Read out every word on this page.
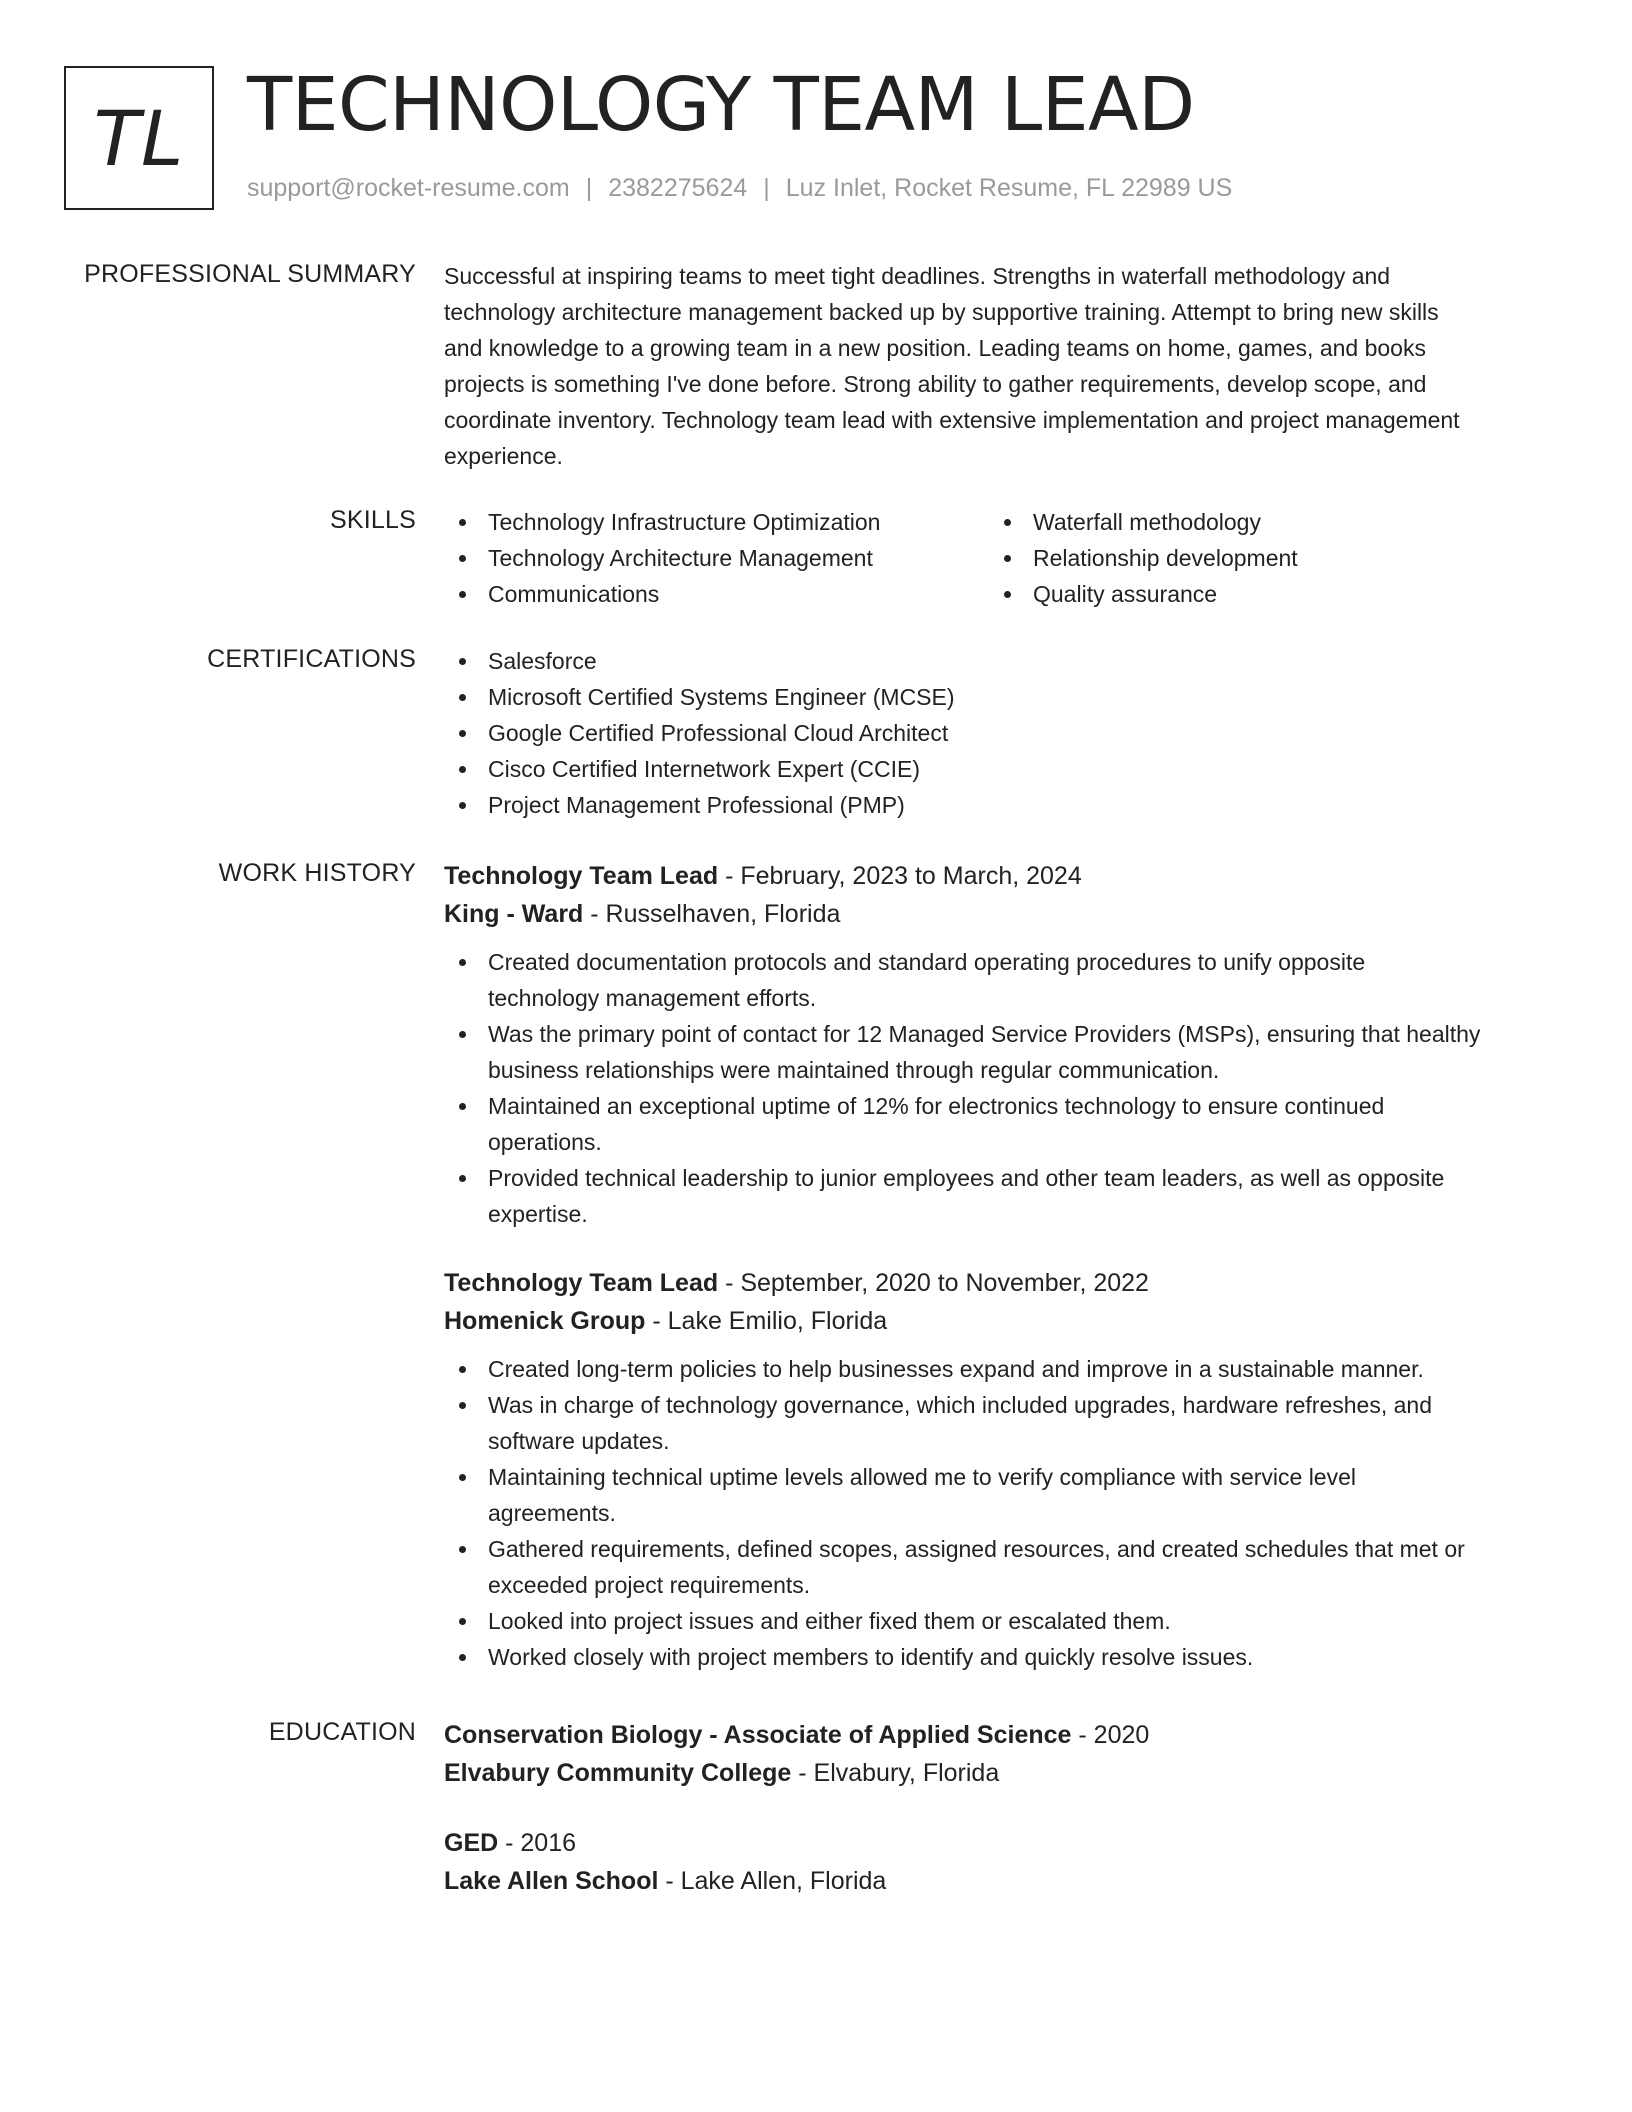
TL TECHNOLOGY TEAM LEAD
support@rocket-resume.com | 2382275624 | Luz Inlet, Rocket Resume, FL 22989 US
PROFESSIONAL SUMMARY Successful at inspiring teams to meet tight deadlines. Strengths in waterfall methodology and
technology architecture management backed up by supportive training. Attempt to bring new skills
and knowledge to a growing team in a new position. Leading teams on home, games, and books
projects is something I've done before. Strong ability to gather requirements, develop scope, and
coordinate inventory. Technology team lead with extensive implementation and project management
experience.
SKILLS	Technology Infrastructure Optimization
Technology Architecture Management
Communications
Waterfall methodology
Relationship development
Quality assurance
CERTIFICATIONS	Salesforce
Microsoft Certified Systems Engineer (MCSE)
Google Certified Professional Cloud Architect
Cisco Certified Internetwork Expert (CCIE)
Project Management Professional (PMP)
WORK HISTORY Technology Team Lead - February, 2023 to March, 2024
King - Ward - Russelhaven, Florida
Created documentation protocols and standard operating procedures to unify opposite
technology management efforts.
Was the primary point of contact for 12 Managed Service Providers (MSPs), ensuring that healthy
business relationships were maintained through regular communication.
Maintained an exceptional uptime of 12% for electronics technology to ensure continued
operations.
Provided technical leadership to junior employees and other team leaders, as well as opposite
expertise.
Technology Team Lead - September, 2020 to November, 2022
Homenick Group - Lake Emilio, Florida
Created long-term policies to help businesses expand and improve in a sustainable manner.
Was in charge of technology governance, which included upgrades, hardware refreshes, and
software updates.
Maintaining technical uptime levels allowed me to verify compliance with service level
agreements.
Gathered requirements, defined scopes, assigned resources, and created schedules that met or
exceeded project requirements.
Looked into project issues and either fixed them or escalated them.
Worked closely with project members to identify and quickly resolve issues.
EDUCATION Conservation Biology - Associate of Applied Science - 2020
Elvabury Community College - Elvabury, Florida
GED - 2016
Lake Allen School - Lake Allen, Florida
